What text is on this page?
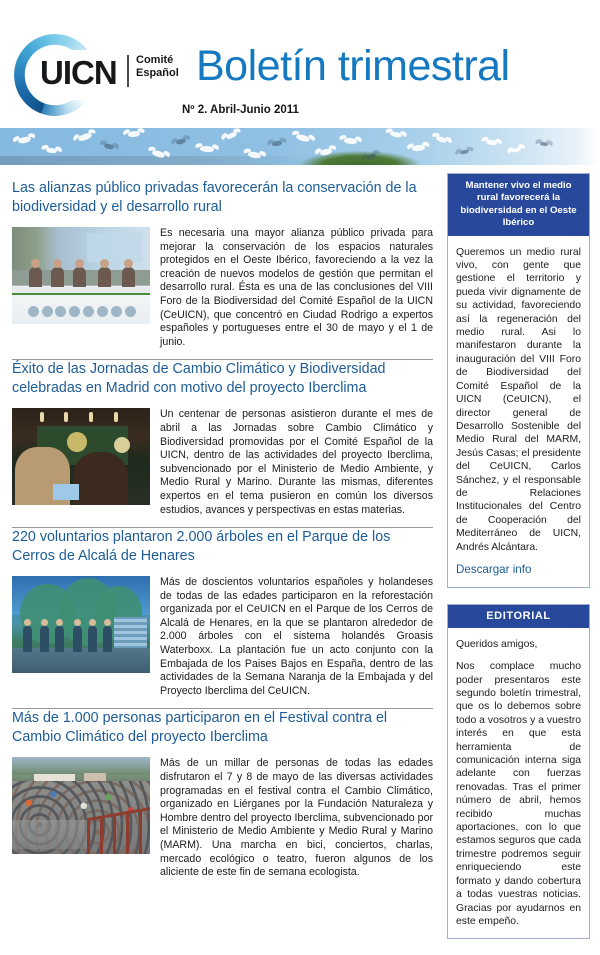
UICN Comité
Español Boletín trimestral
Nº 2. Abril-Junio 2011
Las alianzas público privadas favorecerán la conservación de la biodiversidad y el desarrollo rural

Es necesaria una mayor alianza público privada para mejorar la conservación de los espacios naturales protegidos en el Oeste Ibérico, favoreciendo a la vez la creación de nuevos modelos de gestión que permitan el desarrollo rural. Ésta es una de las conclusiones del VIII Foro de la Biodiversidad del Comité Español de la UICN (CeUICN), que concentró en Ciudad Rodrigo a expertos españoles y portugueses entre el 30 de mayo y el 1 de junio.

Éxito de las Jornadas de Cambio Climático y Biodiversidad celebradas en Madrid con motivo del proyecto Iberclima

Un centenar de personas asistieron durante el mes de abril a las Jornadas sobre Cambio Climático y Biodiversidad promovidas por el Comité Español de la UICN, dentro de las actividades del proyecto Iberclima, subvencionado por el Ministerio de Medio Ambiente, y Medio Rural y Marino. Durante las mismas, diferentes expertos en el tema pusieron en común los diversos estudios, avances y perspectivas en estas materias.

220 voluntarios plantaron 2.000 árboles en el Parque de los Cerros de Alcalá de Henares

Más de doscientos voluntarios españoles y holandeses de todas de las edades participaron en la reforestación organizada por el CeUICN en el Parque de los Cerros de Alcalá de Henares, en la que se plantaron alrededor de 2.000 árboles con el sistema holandés Groasis Waterboxx. La plantación fue un acto conjunto con la Embajada de los Paises Bajos en España, dentro de las actividades de la Semana Naranja de la Embajada y del Proyecto Iberclima del CeUICN.

Más de 1.000 personas participaron en el Festival contra el Cambio Climático del proyecto Iberclima

Más de un millar de personas de todas las edades disfrutaron el 7 y 8 de mayo de las diversas actividades programadas en el festival contra el Cambio Climático, organizado en Liérganes por la Fundación Naturaleza y Hombre dentro del proyecto Iberclima, subvencionado por el Ministerio de Medio Ambiente y Medio Rural y Marino (MARM). Una marcha en bici, conciertos, charlas, mercado ecológico o teatro, fueron algunos de los aliciente de este fin de semana ecologista.

Mantener vivo el medio rural favorecerá la biodiversidad en el Oeste Ibérico

Queremos un medio rural vivo, con gente que gestione el territorio y pueda vivir dignamente de su actividad, favoreciendo así la regeneración del medio rural. Asi lo manifestaron durante la inauguración del VIII Foro de Biodiversidad del Comité Español de la UICN (CeUICN), el director general de Desarrollo Sostenible del Medio Rural del MARM, Jesús Casas; el presidente del CeUICN, Carlos Sánchez, y el responsable de Relaciones Institucionales del Centro de Cooperación del Mediterráneo de UICN, Andrés Alcántara.

Descargar info
EDITORIAL

Queridos amigos,

Nos complace mucho poder presentaros este segundo boletín trimestral, que os lo debemos sobre todo a vosotros y a vuestro interés en que esta herramienta de comunicación interna siga adelante con fuerzas renovadas. Tras el primer número de abril, hemos recibido muchas aportaciones, con lo que estamos seguros que cada trimestre podremos seguir enriqueciendo este formato y dando cobertura a todas vuestras noticias. Gracias por ayudarnos en este empeño.
